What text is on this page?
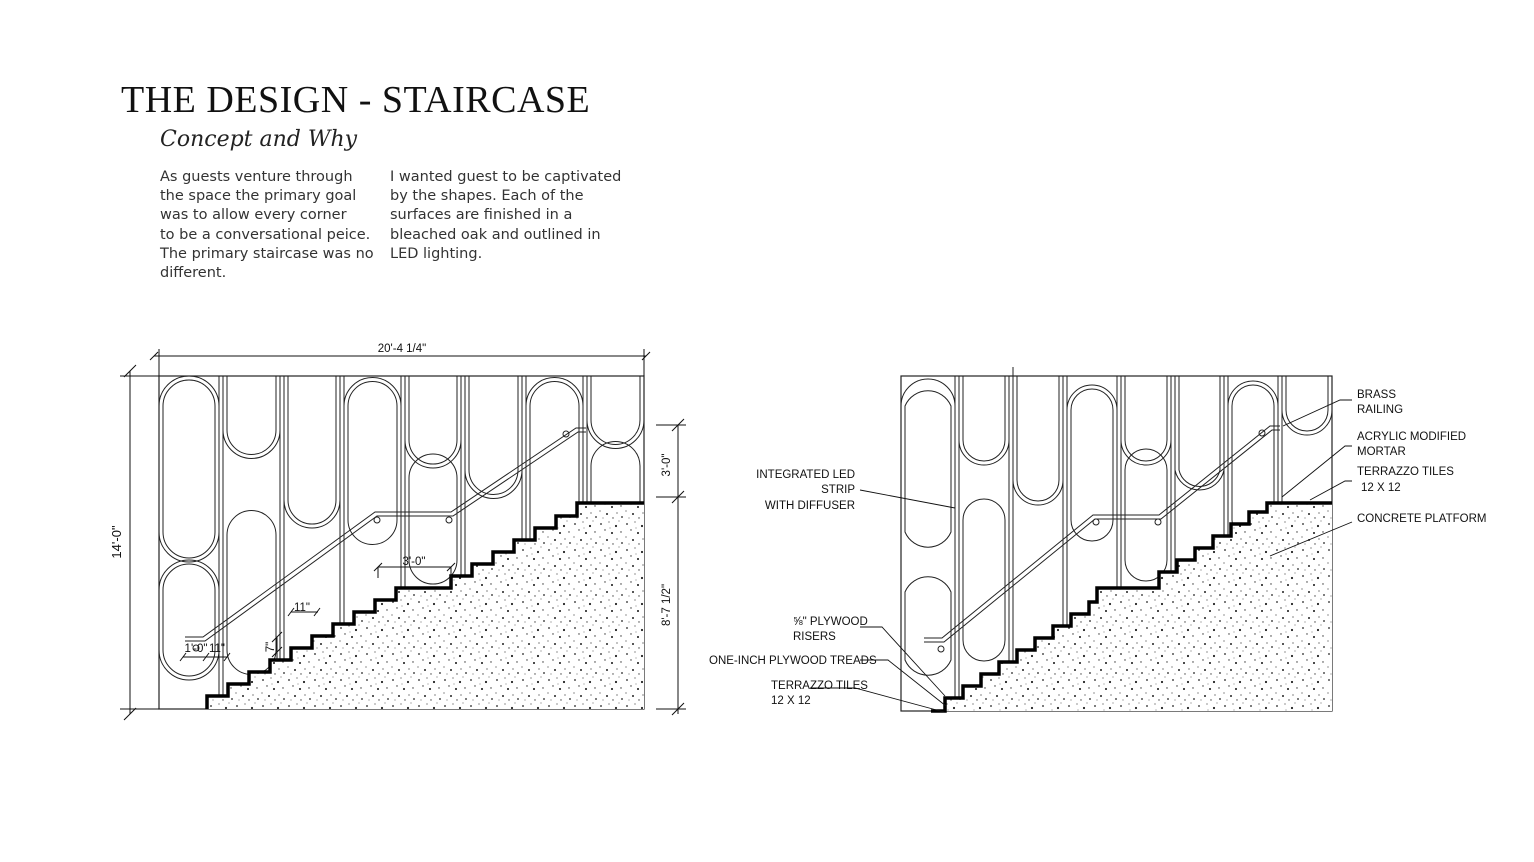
THE DESIGN - STAIRCASE
Concept and Why
As guests venture through
the space the primary goal
was to allow every corner
to be a conversational peice.
The primary staircase was no
different.
I wanted guest to be captivated
by the shapes. Each of the
surfaces are finished in a
bleached oak and outlined in
LED lighting.
20'-4 1/4"
14'-0"
3'-0"
8'-7 1/2"
3'-0"
11"
7"
1'-0" 11"
BRASS
RAILING
ACRYLIC MODIFIED
MORTAR
TERRAZZO TILES
12 X 12
CONCRETE PLATFORM
INTEGRATED LED
STRIP
WITH DIFFUSER
⅝" PLYWOOD
RISERS
ONE-INCH PLYWOOD TREADS
TERRAZZO TILES
12 X 12
